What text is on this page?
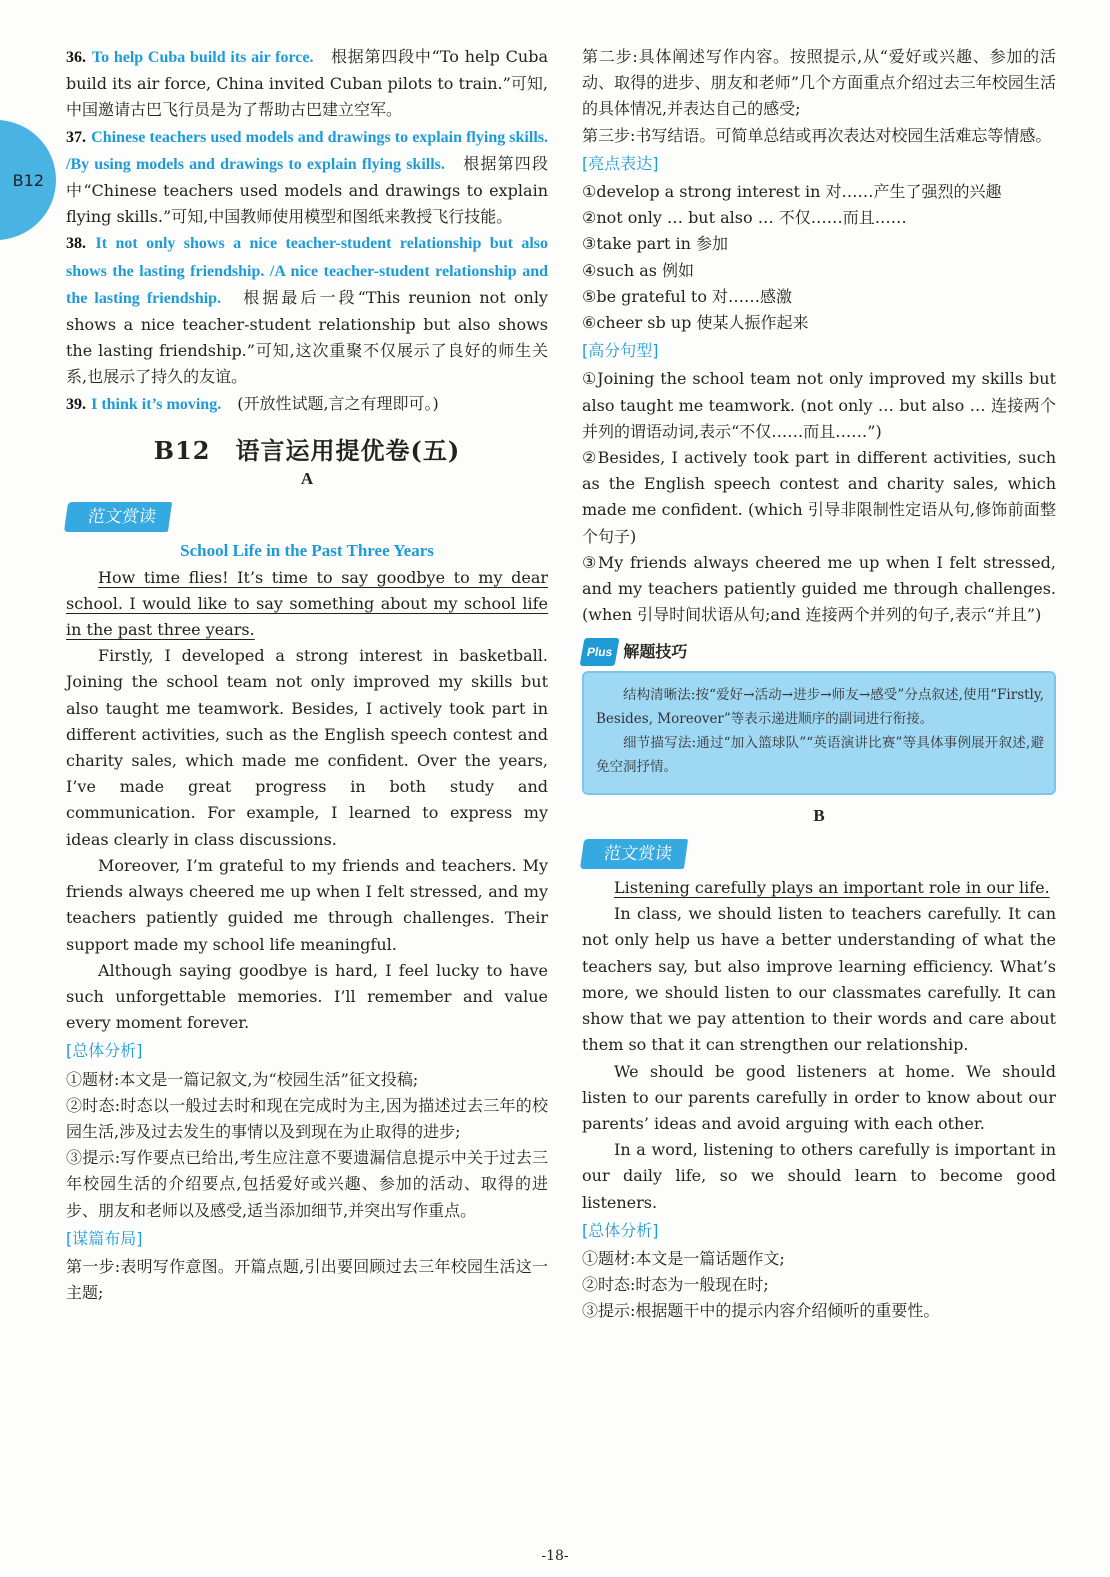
B12

36. To help Cuba build its air force.　 根据第四段中“To help Cuba build its air force, China invited Cuban pilots to train.”可知,中国邀请古巴飞行员是为了帮助古巴建立空军。

37. Chinese teachers used models and drawings to explain flying skills. /By using models and drawings to explain flying skills.　 根据第四段中“Chinese teachers used models and drawings to explain flying skills.”可知,中国教师使用模型和图纸来教授飞行技能。

38. It not only shows a nice teacher-student relationship but also shows the lasting friendship. /A nice teacher-student relationship and the lasting friendship.　 根据最后一段“This reunion not only shows a nice teacher-student relationship but also shows the lasting friendship.”可知,这次重聚不仅展示了良好的师生关系,也展示了持久的友谊。

39. I think it’s moving.　 (开放性试题,言之有理即可。)

B12　语言运用提优卷(五)
A
范文赏读
School Life in the Past Three Years

How time flies! It’s time to say goodbye to my dear school. I would like to say something about my school life in the past three years.

Firstly, I developed a strong interest in basketball. Joining the school team not only improved my skills but also taught me teamwork. Besides, I actively took part in different activities, such as the English speech contest and charity sales, which made me confident. Over the years, I’ve made great progress in both study and communication. For example, I learned to express my ideas clearly in class discussions.

Moreover, I’m grateful to my friends and teachers. My friends always cheered me up when I felt stressed, and my teachers patiently guided me through challenges. Their support made my school life meaningful.

Although saying goodbye is hard, I feel lucky to have such unforgettable memories. I’ll remember and value every moment forever.

[总体分析]

①题材:本文是一篇记叙文,为“校园生活”征文投稿;

②时态:时态以一般过去时和现在完成时为主,因为描述过去三年的校园生活,涉及过去发生的事情以及到现在为止取得的进步;

③提示:写作要点已给出,考生应注意不要遗漏信息提示中关于过去三年校园生活的介绍要点,包括爱好或兴趣、参加的活动、取得的进步、朋友和老师以及感受,适当添加细节,并突出写作重点。

[谋篇布局]

第一步:表明写作意图。开篇点题,引出要回顾过去三年校园生活这一主题;

第二步:具体阐述写作内容。按照提示,从“爱好或兴趣、参加的活动、取得的进步、朋友和老师”几个方面重点介绍过去三年校园生活的具体情况,并表达自己的感受;

第三步:书写结语。可简单总结或再次表达对校园生活难忘等情感。

[亮点表达]

①develop a strong interest in 对……产生了强烈的兴趣

②not only … but also … 不仅……而且……

③take part in 参加

④such as 例如

⑤be grateful to 对……感激

⑥cheer sb up 使某人振作起来

[高分句型]

①Joining the school team not only improved my skills but also taught me teamwork. (not only … but also … 连接两个并列的谓语动词,表示“不仅……而且……”)

②Besides, I actively took part in different activities, such as the English speech contest and charity sales, which made me confident. (which 引导非限制性定语从句,修饰前面整个句子)

③My friends always cheered me up when I felt stressed, and my teachers patiently guided me through challenges. (when 引导时间状语从句;and 连接两个并列的句子,表示“并且”)

Plus 解题技巧

结构清晰法:按“爱好→活动→进步→师友→感受”分点叙述,使用“Firstly, Besides, Moreover”等表示递进顺序的副词进行衔接。

细节描写法:通过“加入篮球队”“英语演讲比赛”等具体事例展开叙述,避免空洞抒情。

B
范文赏读

Listening carefully plays an important role in our life.

In class, we should listen to teachers carefully. It can not only help us have a better understanding of what the teachers say, but also improve learning efficiency. What’s more, we should listen to our classmates carefully. It can show that we pay attention to their words and care about them so that it can strengthen our relationship.

We should be good listeners at home. We should listen to our parents carefully in order to know about our parents’ ideas and avoid arguing with each other.

In a word, listening to others carefully is important in our daily life, so we should learn to become good listeners.

[总体分析]

①题材:本文是一篇话题作文;

②时态:时态为一般现在时;

③提示:根据题干中的提示内容介绍倾听的重要性。

-18-
